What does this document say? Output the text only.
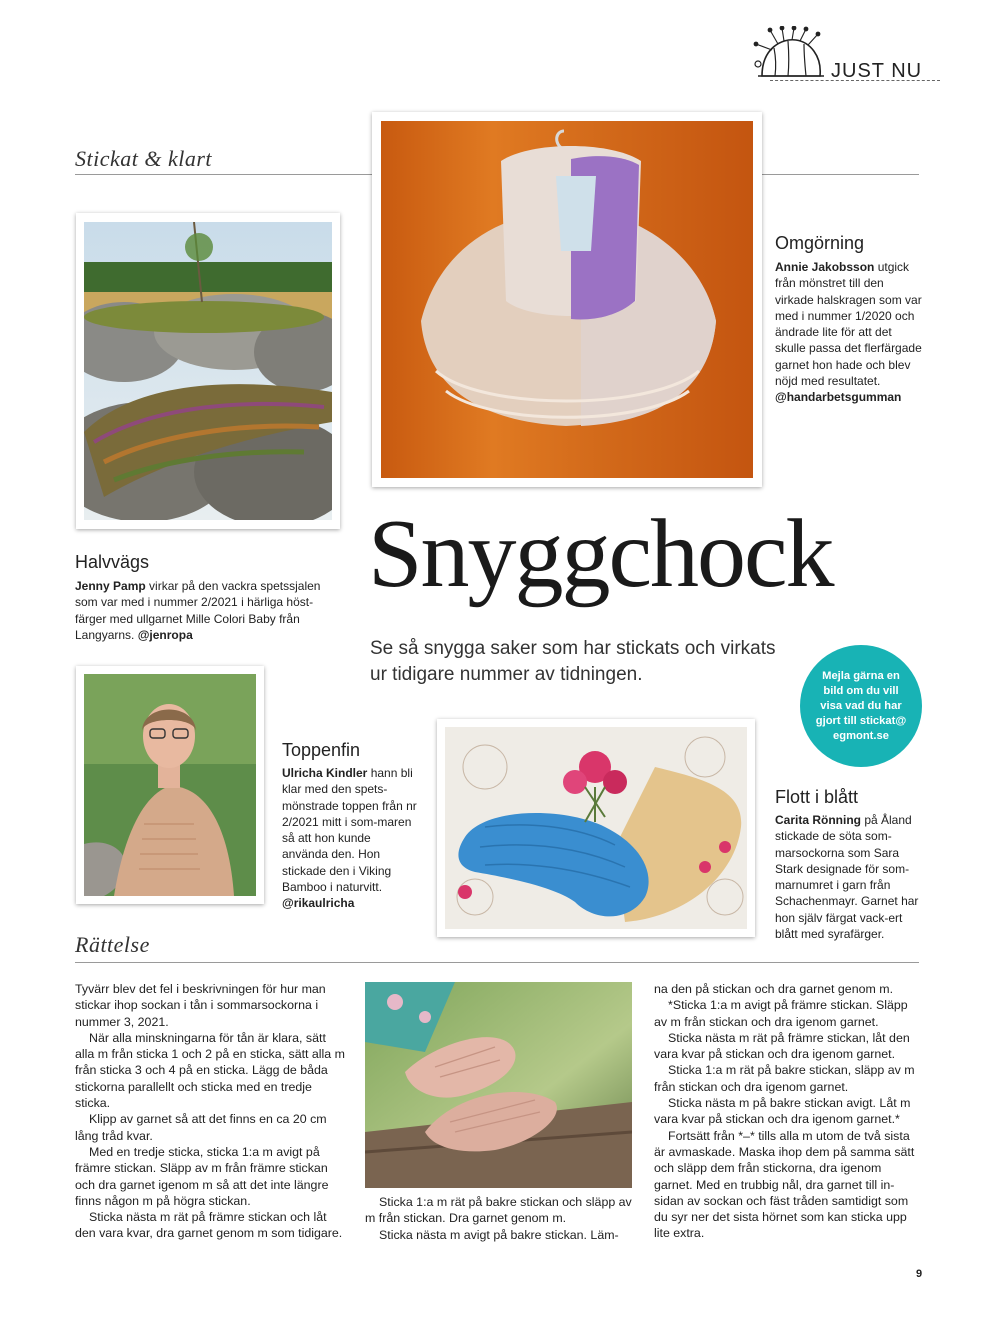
JUST NU
Stickat & klart
Omgörning
Annie Jakobsson utgick från mönstret till den virkade halskragen som var med i nummer 1/2020 och ändrade lite för att det skulle passa det flerfärgade garnet hon hade och blev nöjd med resultatet.
@handarbetsgumman
Halvvägs
Jenny Pamp virkar på den vackra spetssjalen som var med i nummer 2/2021 i härliga höst-färger med ullgarnet Mille Colori Baby från Langyarns. @jenropa
Snyggchock
Se så snygga saker som har stickats och virkats ur tidigare nummer av tidningen.	Mejla gärna en bild om du vill visa vad du har gjort till stickat@ egmont.se
Toppenfin
Ulricha Kindler hann bli klar med den spets-mönstrade toppen från nr 2/2021 mitt i som-maren så att hon kunde använda den. Hon stickade den i Viking Bamboo i naturvitt.
@rikaulricha
Flott i blått
Carita Rönning på Åland stickade de söta som-marsockorna som Sara Stark designade för som-marnumret i garn från Schachenmayr. Garnet har hon själv färgat vack-ert blått med syrafärger.
Rättelse

Tyvärr blev det fel i beskrivningen för hur man stickar ihop sockan i tån i sommarsockorna i nummer 3, 2021.

När alla minskningarna för tån är klara, sätt alla m från sticka 1 och 2 på en sticka, sätt alla m från sticka 3 och 4 på en sticka. Lägg de båda stickorna parallellt och sticka med en tredje sticka.

Klipp av garnet så att det finns en ca 20 cm lång tråd kvar.

Med en tredje sticka, sticka 1:a m avigt på främre stickan. Släpp av m från främre stickan och dra garnet igenom m så att det inte längre finns någon m på högra stickan.

Sticka nästa m rät på främre stickan och låt den vara kvar, dra garnet genom m som tidigare.

Sticka 1:a m rät på bakre stickan och släpp av m från stickan. Dra garnet genom m.

Sticka nästa m avigt på bakre stickan. Läm-

na den på stickan och dra garnet genom m.

*Sticka 1:a m avigt på främre stickan. Släpp av m från stickan och dra igenom garnet.

Sticka nästa m rät på främre stickan, låt den vara kvar på stickan och dra igenom garnet.

Sticka 1:a m rät på bakre stickan, släpp av m från stickan och dra igenom garnet.

Sticka nästa m på bakre stickan avigt. Låt m vara kvar på stickan och dra igenom garnet.*

Fortsätt från *–* tills alla m utom de två sista är avmaskade. Maska ihop dem på samma sätt och släpp dem från stickorna, dra igenom garnet. Med en trubbig nål, dra garnet till in-sidan av sockan och fäst tråden samtidigt som du syr ner det sista hörnet som kan sticka upp lite extra.

9
